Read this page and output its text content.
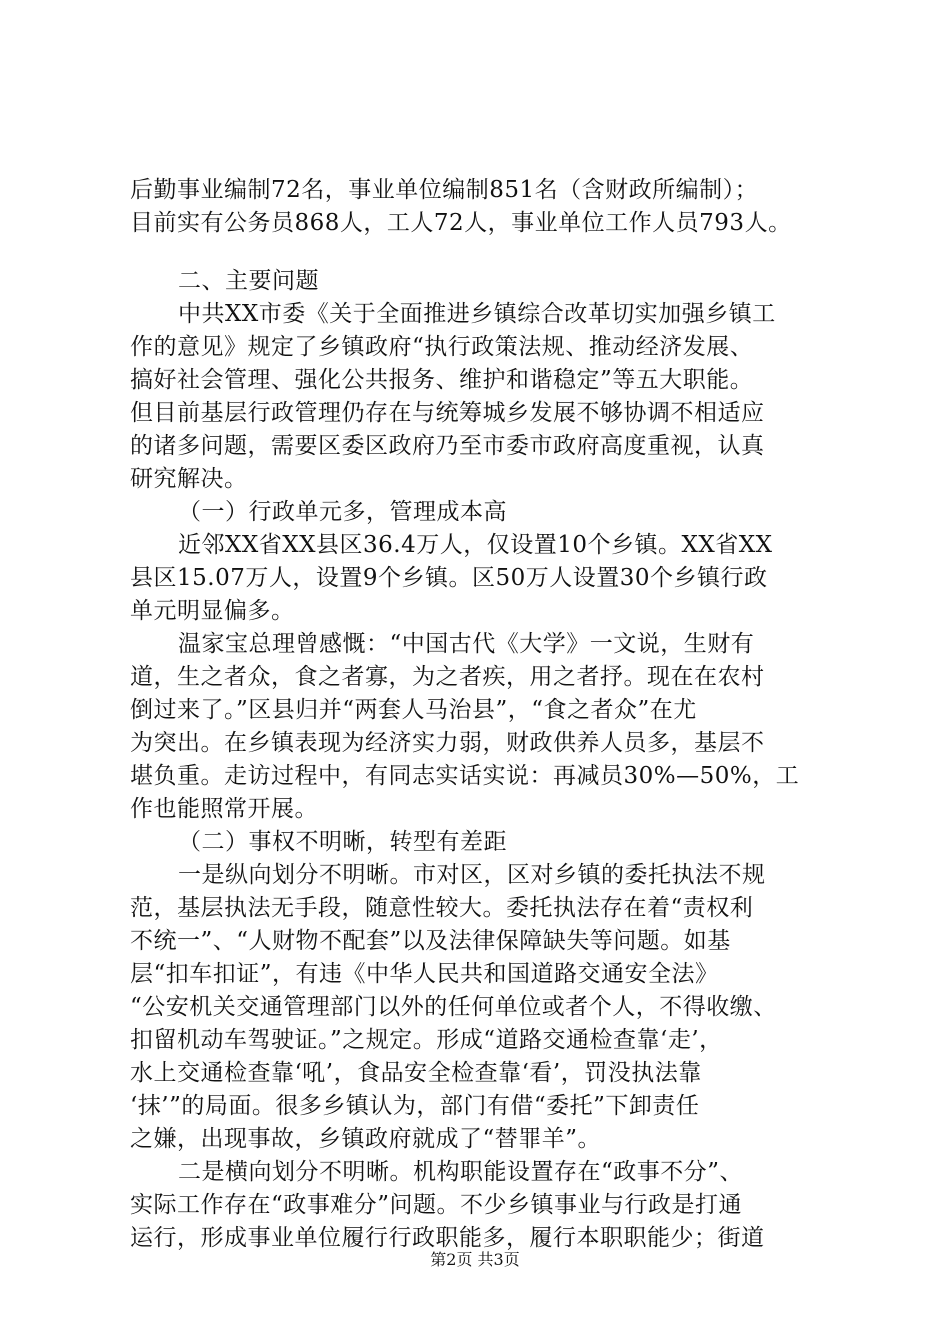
后勤事业编制72名，事业单位编制851名（含财政所编制）；
目前实有公务员868人，工人72人，事业单位工作人员793人。
二、主要问题
中共XX市委《关于全面推进乡镇综合改革切实加强乡镇工
作的意见》规定了乡镇政府“执行政策法规、推动经济发展、
搞好社会管理、强化公共报务、维护和谐稳定”等五大职能。
但目前基层行政管理仍存在与统筹城乡发展不够协调不相适应
的诸多问题，需要区委区政府乃至市委市政府高度重视，认真
研究解决。
（一）行政单元多，管理成本高
近邻XX省XX县区36.4万人，仅设置10个乡镇。XX省XX
县区15.07万人，设置9个乡镇。区50万人设置30个乡镇行政
单元明显偏多。
温家宝总理曾感慨：“中国古代《大学》一文说，生财有
道，生之者众，食之者寡，为之者疾，用之者抒。现在在农村
倒过来了。”区县归并“两套人马治县”，“食之者众”在尤
为突出。在乡镇表现为经济实力弱，财政供养人员多，基层不
堪负重。走访过程中，有同志实话实说：再减员30%—50%，工
作也能照常开展。
（二）事权不明晰，转型有差距
一是纵向划分不明晰。市对区，区对乡镇的委托执法不规
范，基层执法无手段，随意性较大。委托执法存在着“责权利
不统一”、“人财物不配套”以及法律保障缺失等问题。如基
层“扣车扣证”，有违《中华人民共和国道路交通安全法》
“公安机关交通管理部门以外的任何单位或者个人，不得收缴、
扣留机动车驾驶证。”之规定。形成“道路交通检查靠‘走’，
水上交通检查靠‘吼’，食品安全检查靠‘看’，罚没执法靠
‘抹’”的局面。很多乡镇认为，部门有借“委托”下卸责任
之嫌，出现事故，乡镇政府就成了“替罪羊”。
二是横向划分不明晰。机构职能设置存在“政事不分”、
实际工作存在“政事难分”问题。不少乡镇事业与行政是打通
运行，形成事业单位履行行政职能多，履行本职职能少；街道
第2页 共3页
